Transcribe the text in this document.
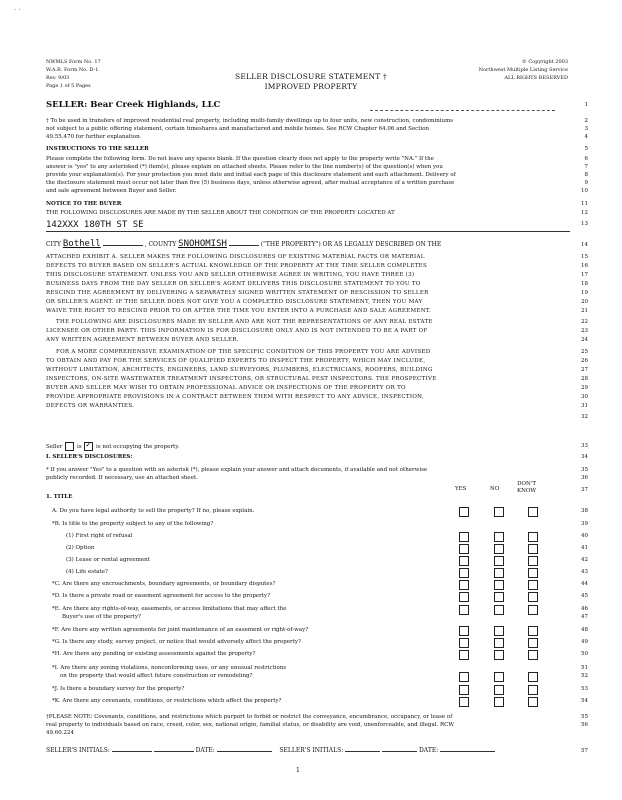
· ·
NWMLS Form No. 17
W.A.R. Form No. D-1
Rev. 9/03
Page 1 of 5 Pages
SELLER DISCLOSURE STATEMENT †
IMPROVED PROPERTY
© Copyright 2003
Northwest Multiple Listing Service
ALL RIGHTS RESERVED
SELLER: Bear Creek Highlands, LLC
† To be used in transfers of improved residential real property, including multi-family dwellings up to four units, new construction, condominiums
not subject to a public offering statement, certain timeshares and manufactured and mobile homes. See RCW Chapter 64.06 and Section
49.55.470 for further explanation.
INSTRUCTIONS TO THE SELLER
Please complete the following form. Do not leave any spaces blank. If the question clearly does not apply to the property write "NA." If the
answer is "yes" to any asterisked (*) item(s), please explain on attached sheets. Please refer to the line number(s) of the question(s) when you
provide your explanation(s). For your protection you must date and initial each page of this disclosure statement and each attachment. Delivery of
the disclosure statement must occur not later than five (5) business days, unless otherwise agreed, after mutual acceptance of a written purchase
and sale agreement between Buyer and Seller.
NOTICE TO THE BUYER
THE FOLLOWING DISCLOSURES ARE MADE BY THE SELLER ABOUT THE CONDITION OF THE PROPERTY LOCATED AT
142XXX 180TH ST SE
CITY Bothell	, COUNTY SNOHOMISH	("THE PROPERTY") OR AS LEGALLY DESCRIBED ON THE
ATTACHED EXHIBIT A. SELLER MAKES THE FOLLOWING DISCLOSURES OF EXISTING MATERIAL FACTS OR MATERIAL
DEFECTS TO BUYER BASED ON SELLER'S ACTUAL KNOWLEDGE OF THE PROPERTY AT THE TIME SELLER COMPLETES
THIS DISCLOSURE STATEMENT. UNLESS YOU AND SELLER OTHERWISE AGREE IN WRITING, YOU HAVE THREE (3)
BUSINESS DAYS FROM THE DAY SELLER OR SELLER'S AGENT DELIVERS THIS DISCLOSURE STATEMENT TO YOU TO
RESCIND THE AGREEMENT BY DELIVERING A SEPARATELY SIGNED WRITTEN STATEMENT OF RESCISSION TO SELLER
OR SELLER'S AGENT. IF THE SELLER DOES NOT GIVE YOU A COMPLETED DISCLOSURE STATEMENT, THEN YOU MAY
WAIVE THE RIGHT TO RESCIND PRIOR TO OR AFTER THE TIME YOU ENTER INTO A PURCHASE AND SALE AGREEMENT.
THE FOLLOWING ARE DISCLOSURES MADE BY SELLER AND ARE NOT THE REPRESENTATIONS OF ANY REAL ESTATE
LICENSEE OR OTHER PARTY. THIS INFORMATION IS FOR DISCLOSURE ONLY AND IS NOT INTENDED TO BE A PART OF
ANY WRITTEN AGREEMENT BETWEEN BUYER AND SELLER.
FOR A MORE COMPREHENSIVE EXAMINATION OF THE SPECIFIC CONDITION OF THIS PROPERTY YOU ARE ADVISED
TO OBTAIN AND PAY FOR THE SERVICES OF QUALIFIED EXPERTS TO INSPECT THE PROPERTY, WHICH MAY INCLUDE,
WITHOUT LIMITATION, ARCHITECTS, ENGINEERS, LAND SURVEYORS, PLUMBERS, ELECTRICIANS, ROOFERS, BUILDING
INSPECTORS, ON-SITE WASTEWATER TREATMENT INSPECTORS, OR STRUCTURAL PEST INSPECTORS. THE PROSPECTIVE
BUYER AND SELLER MAY WISH TO OBTAIN PROFESSIONAL ADVICE OR INSPECTIONS OF THE PROPERTY OR TO
PROVIDE APPROPRIATE PROVISIONS IN A CONTRACT BETWEEN THEM WITH RESPECT TO ANY ADVICE, INSPECTION,
DEFECTS OR WARRANTIES.
Seller	is ✓	is not occupying the property.
I. SELLER'S DISCLOSURES:
* If you answer "Yes" to a question with an asterisk (*), please explain your answer and attach documents, if available and not otherwise
publicly recorded. If necessary, use an attached sheet.
YES	NO
DON'T
KNOW
1. TITLE
A. Do you have legal authority to sell the property? If no, please explain.
*B. Is title to the property subject to any of the following?
(1) First right of refusal
(2) Option
(3) Lease or rental agreement
(4) Life estate?
*C. Are there any encroachments, boundary agreements, or boundary disputes?
*D. Is there a private road or easement agreement for access to the property?
*E. Are there any rights-of-way, easements, or access limitations that may affect the
Buyer's use of the property?
*F. Are there any written agreements for joint maintenance of an easement or right-of-way?
*G. Is there any study, survey project, or notice that would adversely affect the property?
*H. Are there any pending or existing assessments against the property?
*I. Are there any zoning violations, nonconforming uses, or any unusual restrictions
on the property that would affect future construction or remodeling?
*J. Is there a boundary survey for the property?
*K. Are there any covenants, conditions, or restrictions which affect the property?
†PLEASE NOTE: Covenants, conditions, and restrictions which purport to forbid or restrict the conveyance, encumbrance, occupancy, or lease of
real property to individuals based on race, creed, color, sex, national origin, familial status, or disability are void, unenforceable, and illegal. RCW
49.60.224
SELLER'S INITIALS:	DATE:	SELLER'S INITIALS:	DATE:
1
1
2
3
4
5
6
7
8
9
10
11
12
13
14
15
16
17
18
19
20
21
22
23
24
25
26
27
28
29
30
31
32
33
34
35
36
37
38
39
40
41
42
43
44
45
46
47
48
49
50
51
52
53
54
55
56
57
